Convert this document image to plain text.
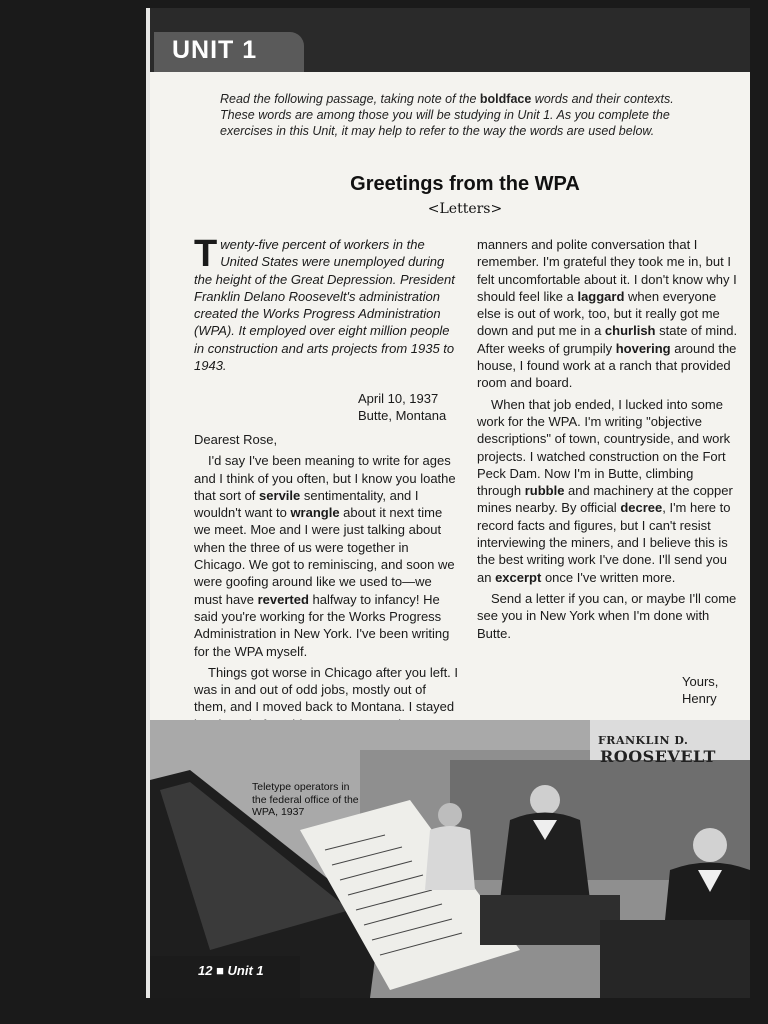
UNIT 1
Read the following passage, taking note of the boldface words and their contexts. These words are among those you will be studying in Unit 1. As you complete the exercises in this Unit, it may help to refer to the way the words are used below.
Greetings from the WPA
<Letters>

Twenty-five percent of workers in the United States were unemployed during the height of the Great Depression. President Franklin Delano Roosevelt's administration created the Works Progress Administration (WPA). It employed over eight million people in construction and arts projects from 1935 to 1943.

April 10, 1937
Butte, Montana

Dearest Rose,

I'd say I've been meaning to write for ages and I think of you often, but I know you loathe that sort of servile sentimentality, and I wouldn't want to wrangle about it next time we meet. Moe and I were just talking about when the three of us were together in Chicago. We got to reminiscing, and soon we were goofing around like we used to—we must have reverted halfway to infancy! He said you're working for the Works Progress Administration in New York. I've been writing for the WPA myself.

Things got worse in Chicago after you left. I was in and out of odd jobs, mostly out of them, and I moved back to Montana. I stayed

manners and polite conversation that I remember. I'm grateful they took me in, but I felt uncomfortable about it. I don't know why I should feel like a laggard when everyone else is out of work, too, but it really got me down and put me in a churlish state of mind. After weeks of grumpily hovering around the house, I found work at a ranch that provided room and board.

When that job ended, I lucked into some work for the WPA. I'm writing "objective descriptions" of town, countryside, and work projects. I watched construction on the Fort Peck Dam. Now I'm in Butte, climbing through rubble and machinery at the copper mines nearby. By official decree, I'm here to record facts and figures, but I can't resist interviewing the miners, and I believe this is the best writing work I've done. I'll send you an excerpt once I've written more.

Send a letter if you can, or maybe I'll come see you in New York when I'm done with Butte.

Yours,
Henry
FRANKLIN D.
ROOSEVELT
Teletype operators in the federal office of the WPA, 1937
12 ■ Unit 1
